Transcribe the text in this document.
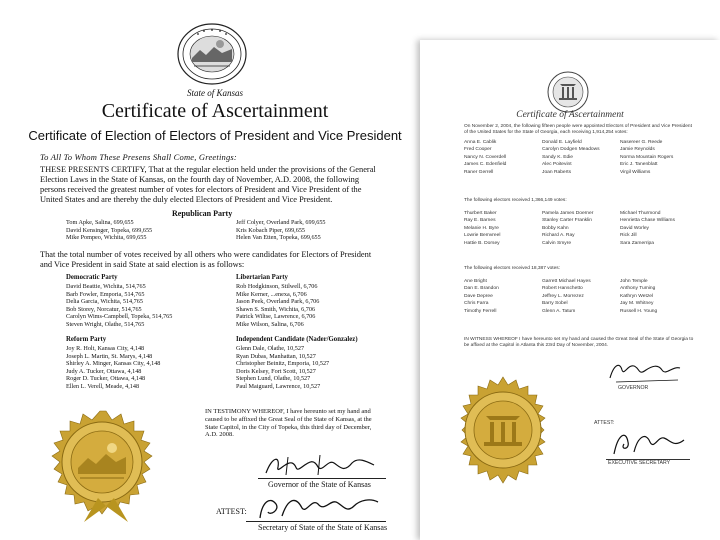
State of Kansas
Certificate of Ascertainment
Certificate of Election of Electors of President and Vice President
To All To Whom These Presens Shall Come, Greetings:
THESE PRESENTS CERTIFY, That at the regular election held under the provisions of the General Election Laws in the State of Kansas, on the fourth day of November, A.D. 2008, the following persons received the greatest number of votes for electors of President and Vice President of the United States and are thereby the duly elected Electors of President and Vice President.
Republican Party
Tom Apke, Salina, 699,655
David Kensinger, Topeka, 699,655
Mike Pompeo, Wichita, 699,655
Jeff Colyer, Overland Park, 699,655
Kris Kobach Piper, 699,655
Helen Van Etten, Topeka, 699,655
That the total number of votes received by all others who were candidates for Electors of President and Vice President in said State at said election is as follows:
Democratic Party
David Beattie, Wichita, 514,765
Barb Fowler, Emporia, 514,765
Delia Garcia, Wichita, 514,765
Bob Storey, Norcatur, 514,765
Carolyn Wims-Campbell, Topeka, 514,765
Steven Wright, Olathe, 514,765
Libertarian Party
Rob Hodgkinson, Stilwell, 6,706
Mike Kerner, ...enexa, 6,706
Jason Peek, Overland Park, 6,706
Shawn S. Smith, Wichita, 6,706
Patrick Wiltse, Lawrence, 6,706
Mike Wilson, Salina, 6,706
Reform Party
Joy R. Holt, Kansas City, 4,148
Joseph L. Martin, St. Marys, 4,148
Shirley A. Minger, Kansas City, 4,148
Judy A. Tucker, Ottawa, 4,148
Roger D. Tucker, Ottawa, 4,148
Ellen L. Verell, Meade, 4,148
Independent Candidate (Nader/Gonzalez)
Glenn Dale, Olathe, 10,527
Ryan Dubas, Manhattan, 10,527
Christopher Beinitz, Emporia, 10,527
Doris Kelsey, Fort Scott, 10,527
Stephen Lund, Olathe, 10,527
Paul Maiguard, Lawrence, 10,527
IN TESTIMONY WHEREOF, I have hereunto set my hand and caused to be affixed the Great Seal of the State of Kansas, at the State Capitol, in the City of Topeka, this third day of December, A.D. 2008.
Governor of the State of Kansas
ATTEST:
Secretary of State of the State of Kansas
Certificate of Ascertainment
On November 2, 2004, the following fifteen people were appointed Electors of President and Vice President of the United States for the State of Georgia, each receiving 1,914,254 votes:
Anna E. Cablik
Fred Cooper
Nancy N. Coverdell
James C. Edenfield
Raner Gerrell
Donald E. Layfield
Carolyn Dodgen Meadows
Sandy K. Edie
Alec Poitevint
Joan Raberts
Nasereer G. Reede
Jamie Reynolds
Norma Mountain Rogers
Eric J. Tanenblatt
Virgil Williams
The following electors received 1,366,149 votes:
Thurbert Baker
Ray E. Barnes
Melanie H. Byre
Lowrie Bemvreel
Hattie B. Dorsey
Pamela James Doerner
Stanley Carter Franklin
Bobby Kahn
Richard A. Ray
Calvin Smyre
Michael Thurmond
Henrietta Chase Williams
David Worley
Rick Jill
Sara Zamerripa
The following electors received 18,387 votes:
Ane Bright
Dan E. Brandon
Dave Depree
Chris Farra
Timothy Ferrell
Garrett Michael Hayes
Robert Hanschetto
Jeffrey L. Morrezez
Barry Sobel
Glenn A. Tatum
John Temple
Anthony Tuming
Kathryn Wetzel
Jay M. Whitney
Russell H. Young
IN WITNESS WHEREOF I have hereunto set my hand and caused the Great Seal of the State of Georgia to be affixed at the Capitol in Atlanta this 23rd Day of November, 2004.
GOVERNOR
ATTEST:
EXECUTIVE SECRETARY
